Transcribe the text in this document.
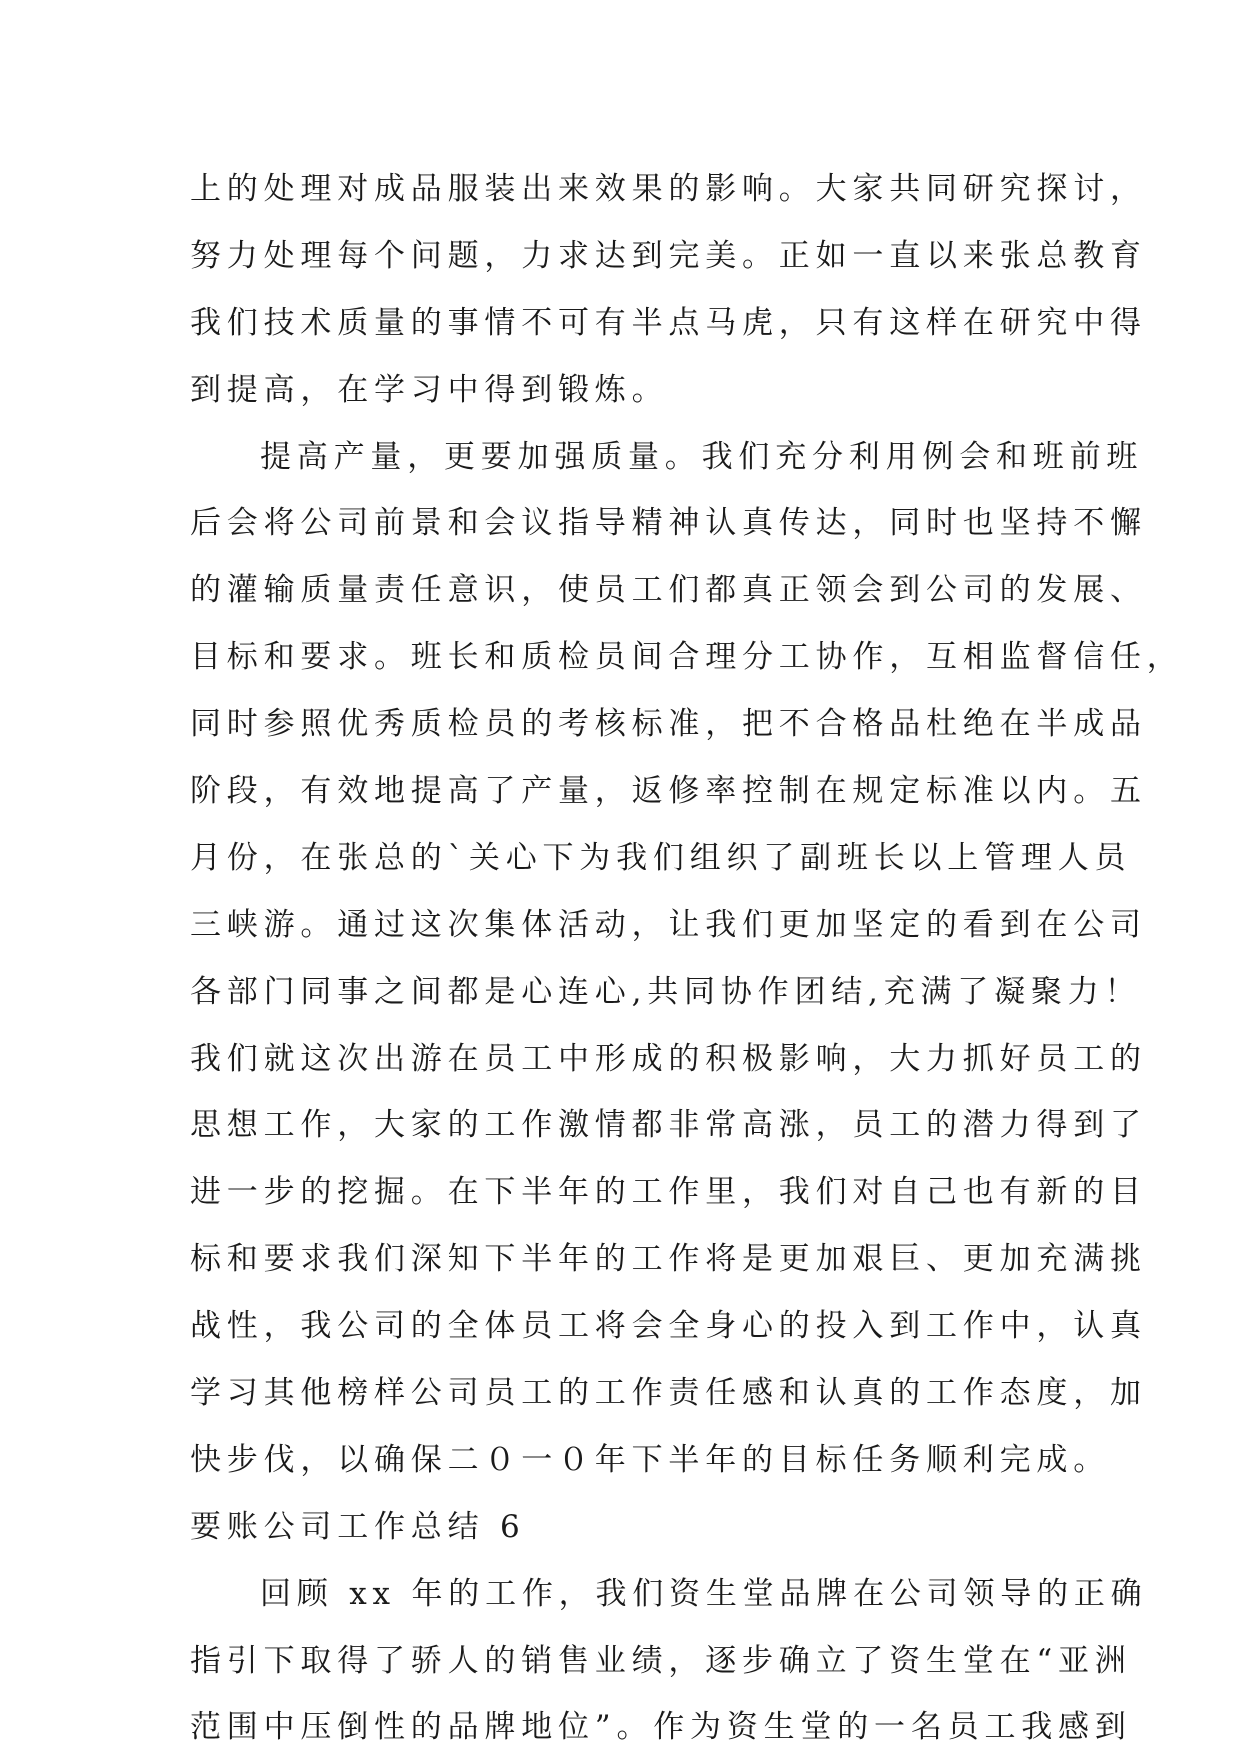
上的处理对成品服装出来效果的影响。大家共同研究探讨，
努力处理每个问题，力求达到完美。正如一直以来张总教育
我们技术质量的事情不可有半点马虎，只有这样在研究中得
到提高，在学习中得到锻炼。
提高产量，更要加强质量。我们充分利用例会和班前班
后会将公司前景和会议指导精神认真传达，同时也坚持不懈
的灌输质量责任意识，使员工们都真正领会到公司的发展、
目标和要求。班长和质检员间合理分工协作，互相监督信任，
同时参照优秀质检员的考核标准，把不合格品杜绝在半成品
阶段，有效地提高了产量，返修率控制在规定标准以内。五
月份，在张总的`关心下为我们组织了副班长以上管理人员
三峡游。通过这次集体活动，让我们更加坚定的看到在公司
各部门同事之间都是心连心,共同协作团结,充满了凝聚力！
我们就这次出游在员工中形成的积极影响，大力抓好员工的
思想工作，大家的工作激情都非常高涨，员工的潜力得到了
进一步的挖掘。在下半年的工作里，我们对自己也有新的目
标和要求我们深知下半年的工作将是更加艰巨、更加充满挑
战性，我公司的全体员工将会全身心的投入到工作中，认真
学习其他榜样公司员工的工作责任感和认真的工作态度，加
快步伐，以确保二０一０年下半年的目标任务顺利完成。
要账公司工作总结 6
回顾 xx 年的工作，我们资生堂品牌在公司领导的正确
指引下取得了骄人的销售业绩，逐步确立了资生堂在“亚洲
范围中压倒性的品牌地位”。作为资生堂的一名员工我感到
